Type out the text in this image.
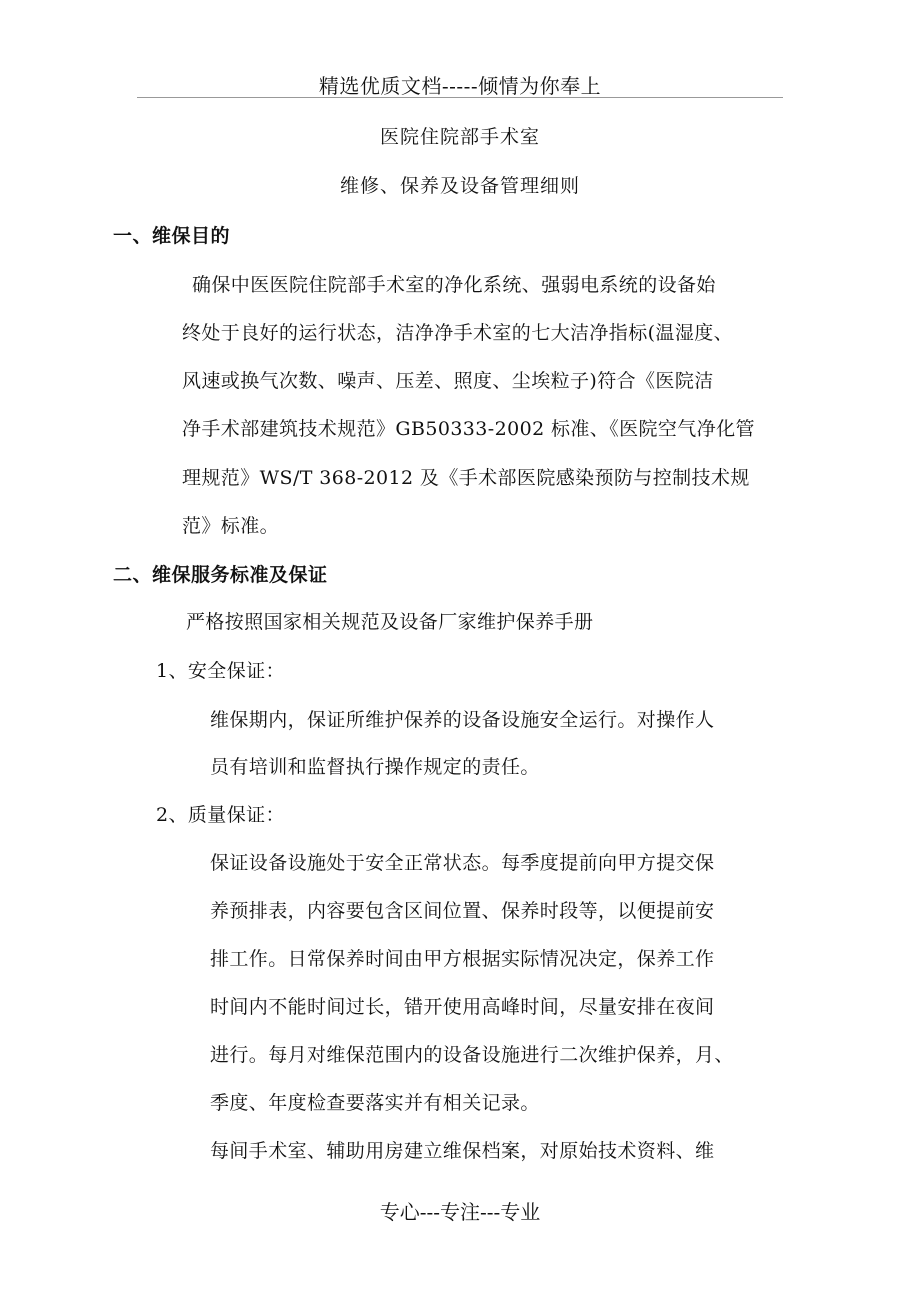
精选优质文档-----倾情为你奉上
医院住院部手术室
维修、保养及设备管理细则
一、维保目的
确保中医医院住院部手术室的净化系统、强弱电系统的设备始
终处于良好的运行状态，洁净净手术室的七大洁净指标(温湿度、
风速或换气次数、噪声、压差、照度、尘埃粒子)符合《医院洁
净手术部建筑技术规范》GB50333-2002 标准、《医院空气净化管
理规范》WS/T 368-2012 及《手术部医院感染预防与控制技术规
范》标准。
二、维保服务标准及保证
严格按照国家相关规范及设备厂家维护保养手册
1、安全保证：
维保期内，保证所维护保养的设备设施安全运行。对操作人
员有培训和监督执行操作规定的责任。
2、质量保证：
保证设备设施处于安全正常状态。每季度提前向甲方提交保
养预排表，内容要包含区间位置、保养时段等，以便提前安
排工作。日常保养时间由甲方根据实际情况决定，保养工作
时间内不能时间过长，错开使用高峰时间，尽量安排在夜间
进行。每月对维保范围内的设备设施进行二次维护保养，月、
季度、年度检查要落实并有相关记录。
每间手术室、辅助用房建立维保档案，对原始技术资料、维
专心---专注---专业
